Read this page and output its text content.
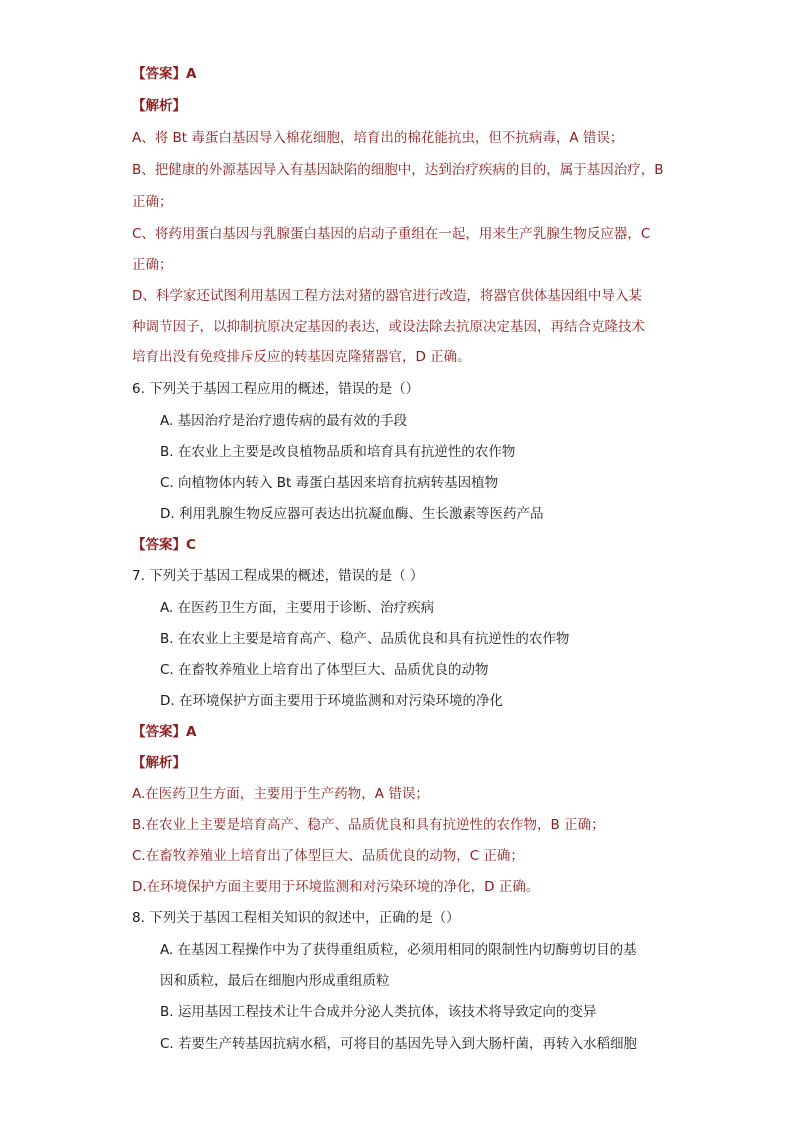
【答案】A
【解析】
A、将 Bt 毒蛋白基因导入棉花细胞，培育出的棉花能抗虫，但不抗病毒，A 错误；
B、把健康的外源基因导入有基因缺陷的细胞中，达到治疗疾病的目的，属于基因治疗，B
正确；
C、将药用蛋白基因与乳腺蛋白基因的启动子重组在一起，用来生产乳腺生物反应器，C
正确；
D、科学家还试图利用基因工程方法对猪的器官进行改造，将器官供体基因组中导入某
种调节因子，以抑制抗原决定基因的表达，或设法除去抗原决定基因，再结合克隆技术
培育出没有免疫排斥反应的转基因克隆猪器官，D 正确。
6. 下列关于基因工程应用的概述，错误的是（）
A. 基因治疗是治疗遗传病的最有效的手段
B. 在农业上主要是改良植物品质和培育具有抗逆性的农作物
C. 向植物体内转入 Bt 毒蛋白基因来培育抗病转基因植物
D. 利用乳腺生物反应器可表达出抗凝血酶、生长激素等医药产品
【答案】C
7. 下列关于基因工程成果的概述，错误的是（ ）
A. 在医药卫生方面，主要用于诊断、治疗疾病
B. 在农业上主要是培育高产、稳产、品质优良和具有抗逆性的农作物
C. 在畜牧养殖业上培育出了体型巨大、品质优良的动物
D. 在环境保护方面主要用于环境监测和对污染环境的净化
【答案】A
【解析】
A.在医药卫生方面，主要用于生产药物，A 错误；
B.在农业上主要是培育高产、稳产、品质优良和具有抗逆性的农作物，B 正确；
C.在畜牧养殖业上培育出了体型巨大、品质优良的动物，C 正确；
D.在环境保护方面主要用于环境监测和对污染环境的净化，D 正确。
8. 下列关于基因工程相关知识的叙述中，正确的是（）
A. 在基因工程操作中为了获得重组质粒，必须用相同的限制性内切酶剪切目的基
因和质粒，最后在细胞内形成重组质粒
B. 运用基因工程技术让牛合成并分泌人类抗体，该技术将导致定向的变异
C. 若要生产转基因抗病水稻，可将目的基因先导入到大肠杆菌，再转入水稻细胞
